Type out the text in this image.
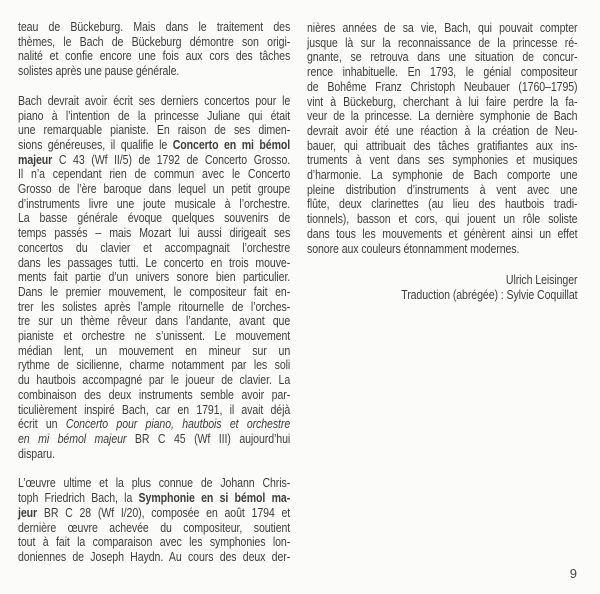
teau de Bückeburg. Mais dans le traitement des
thèmes, le Bach de Bückeburg démontre son origi-
nalité et confie encore une fois aux cors des tâches
solistes après une pause générale.
Bach devrait avoir écrit ses derniers concertos pour le
piano à l’intention de la princesse Juliane qui était
une remarquable pianiste. En raison de ses dimen-
sions généreuses, il qualifie le Concerto en mi bémol
majeur C 43 (Wf II/5) de 1792 de Concerto Grosso.
Il n’a cependant rien de commun avec le Concerto
Grosso de l’ère baroque dans lequel un petit groupe
d’instruments livre une joute musicale à l’orchestre.
La basse générale évoque quelques souvenirs de
temps passés – mais Mozart lui aussi dirigeait ses
concertos du clavier et accompagnait l’orchestre
dans les passages tutti. Le concerto en trois mouve-
ments fait partie d’un univers sonore bien particulier.
Dans le premier mouvement, le compositeur fait en-
trer les solistes après l’ample ritournelle de l’orches-
tre sur un thème rêveur dans l’andante, avant que
pianiste et orchestre ne s’unissent. Le mouvement
médian lent, un mouvement en mineur sur un
rythme de sicilienne, charme notamment par les soli
du hautbois accompagné par le joueur de clavier. La
combinaison des deux instruments semble avoir par-
ticulièrement inspiré Bach, car en 1791, il avait déjà
écrit un Concerto pour piano, hautbois et orchestre
en mi bémol majeur BR C 45 (Wf III) aujourd’hui
disparu.
L’œuvre ultime et la plus connue de Johann Chris-
toph Friedrich Bach, la Symphonie en si bémol ma-
jeur BR C 28 (Wf I/20), composée en août 1794 et
dernière œuvre achevée du compositeur, soutient
tout à fait la comparaison avec les symphonies lon-
doniennes de Joseph Haydn. Au cours des deux der-
nières années de sa vie, Bach, qui pouvait compter
jusque là sur la reconnaissance de la princesse ré-
gnante, se retrouva dans une situation de concur-
rence inhabituelle. En 1793, le génial compositeur
de Bohême Franz Christoph Neubauer (1760–1795)
vint à Bückeburg, cherchant à lui faire perdre la fa-
veur de la princesse. La dernière symphonie de Bach
devrait avoir été une réaction à la création de Neu-
bauer, qui attribuait des tâches gratifiantes aux ins-
truments à vent dans ses symphonies et musiques
d’harmonie. La symphonie de Bach comporte une
pleine distribution d’instruments à vent avec une
flûte, deux clarinettes (au lieu des hautbois tradi-
tionnels), basson et cors, qui jouent un rôle soliste
dans tous les mouvements et génèrent ainsi un effet
sonore aux couleurs étonnamment modernes.
Ulrich Leisinger
Traduction (abrégée) : Sylvie Coquillat
9
